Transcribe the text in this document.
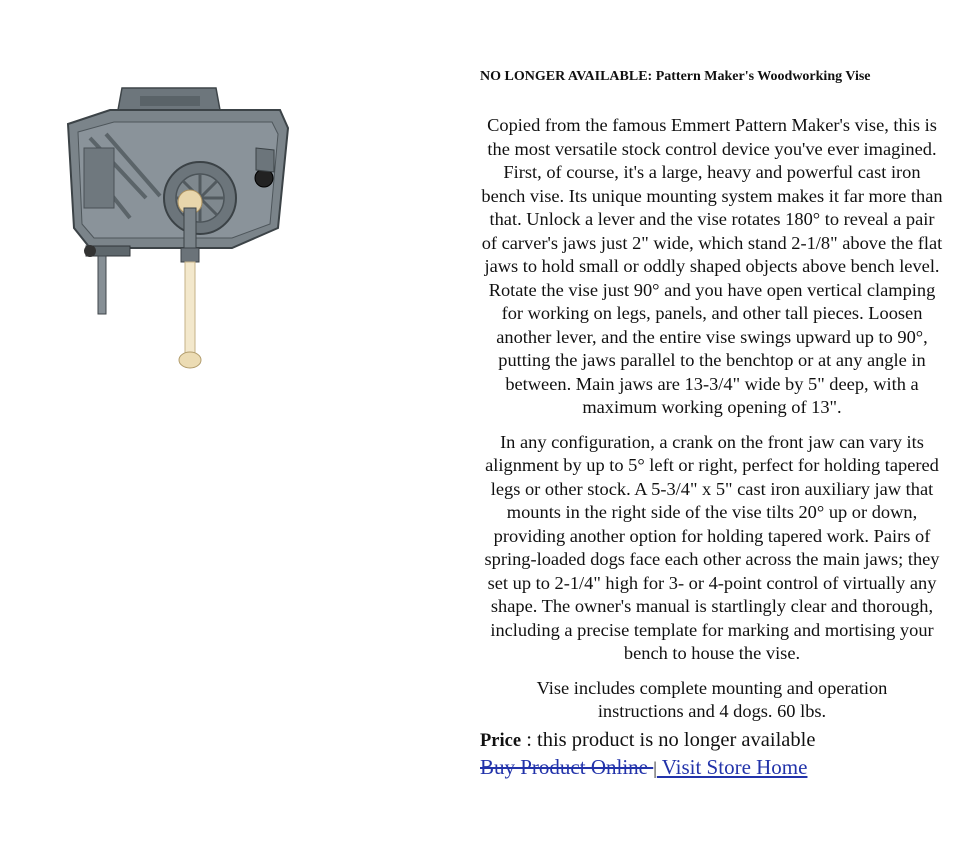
NO LONGER AVAILABLE: Pattern Maker's Woodworking Vise

Copied from the famous Emmert Pattern Maker's vise, this is the most versatile stock control device you've ever imagined. First, of course, it's a large, heavy and powerful cast iron bench vise. Its unique mounting system makes it far more than that. Unlock a lever and the vise rotates 180° to reveal a pair of carver's jaws just 2" wide, which stand 2-1/8" above the flat jaws to hold small or oddly shaped objects above bench level. Rotate the vise just 90° and you have open vertical clamping for working on legs, panels, and other tall pieces. Loosen another lever, and the entire vise swings upward up to 90°, putting the jaws parallel to the benchtop or at any angle in between. Main jaws are 13-3/4" wide by 5" deep, with a maximum working opening of 13".

In any configuration, a crank on the front jaw can vary its alignment by up to 5° left or right, perfect for holding tapered legs or other stock. A 5-3/4" x 5" cast iron auxiliary jaw that mounts in the right side of the vise tilts 20° up or down, providing another option for holding tapered work. Pairs of spring-loaded dogs face each other across the main jaws; they set up to 2-1/4" high for 3- or 4-point control of virtually any shape. The owner's manual is startlingly clear and thorough, including a precise template for marking and mortising your bench to house the vise.

Vise includes complete mounting and operation instructions and 4 dogs. 60 lbs.

Price : this product is no longer available
Buy Product Online | Visit Store Home
